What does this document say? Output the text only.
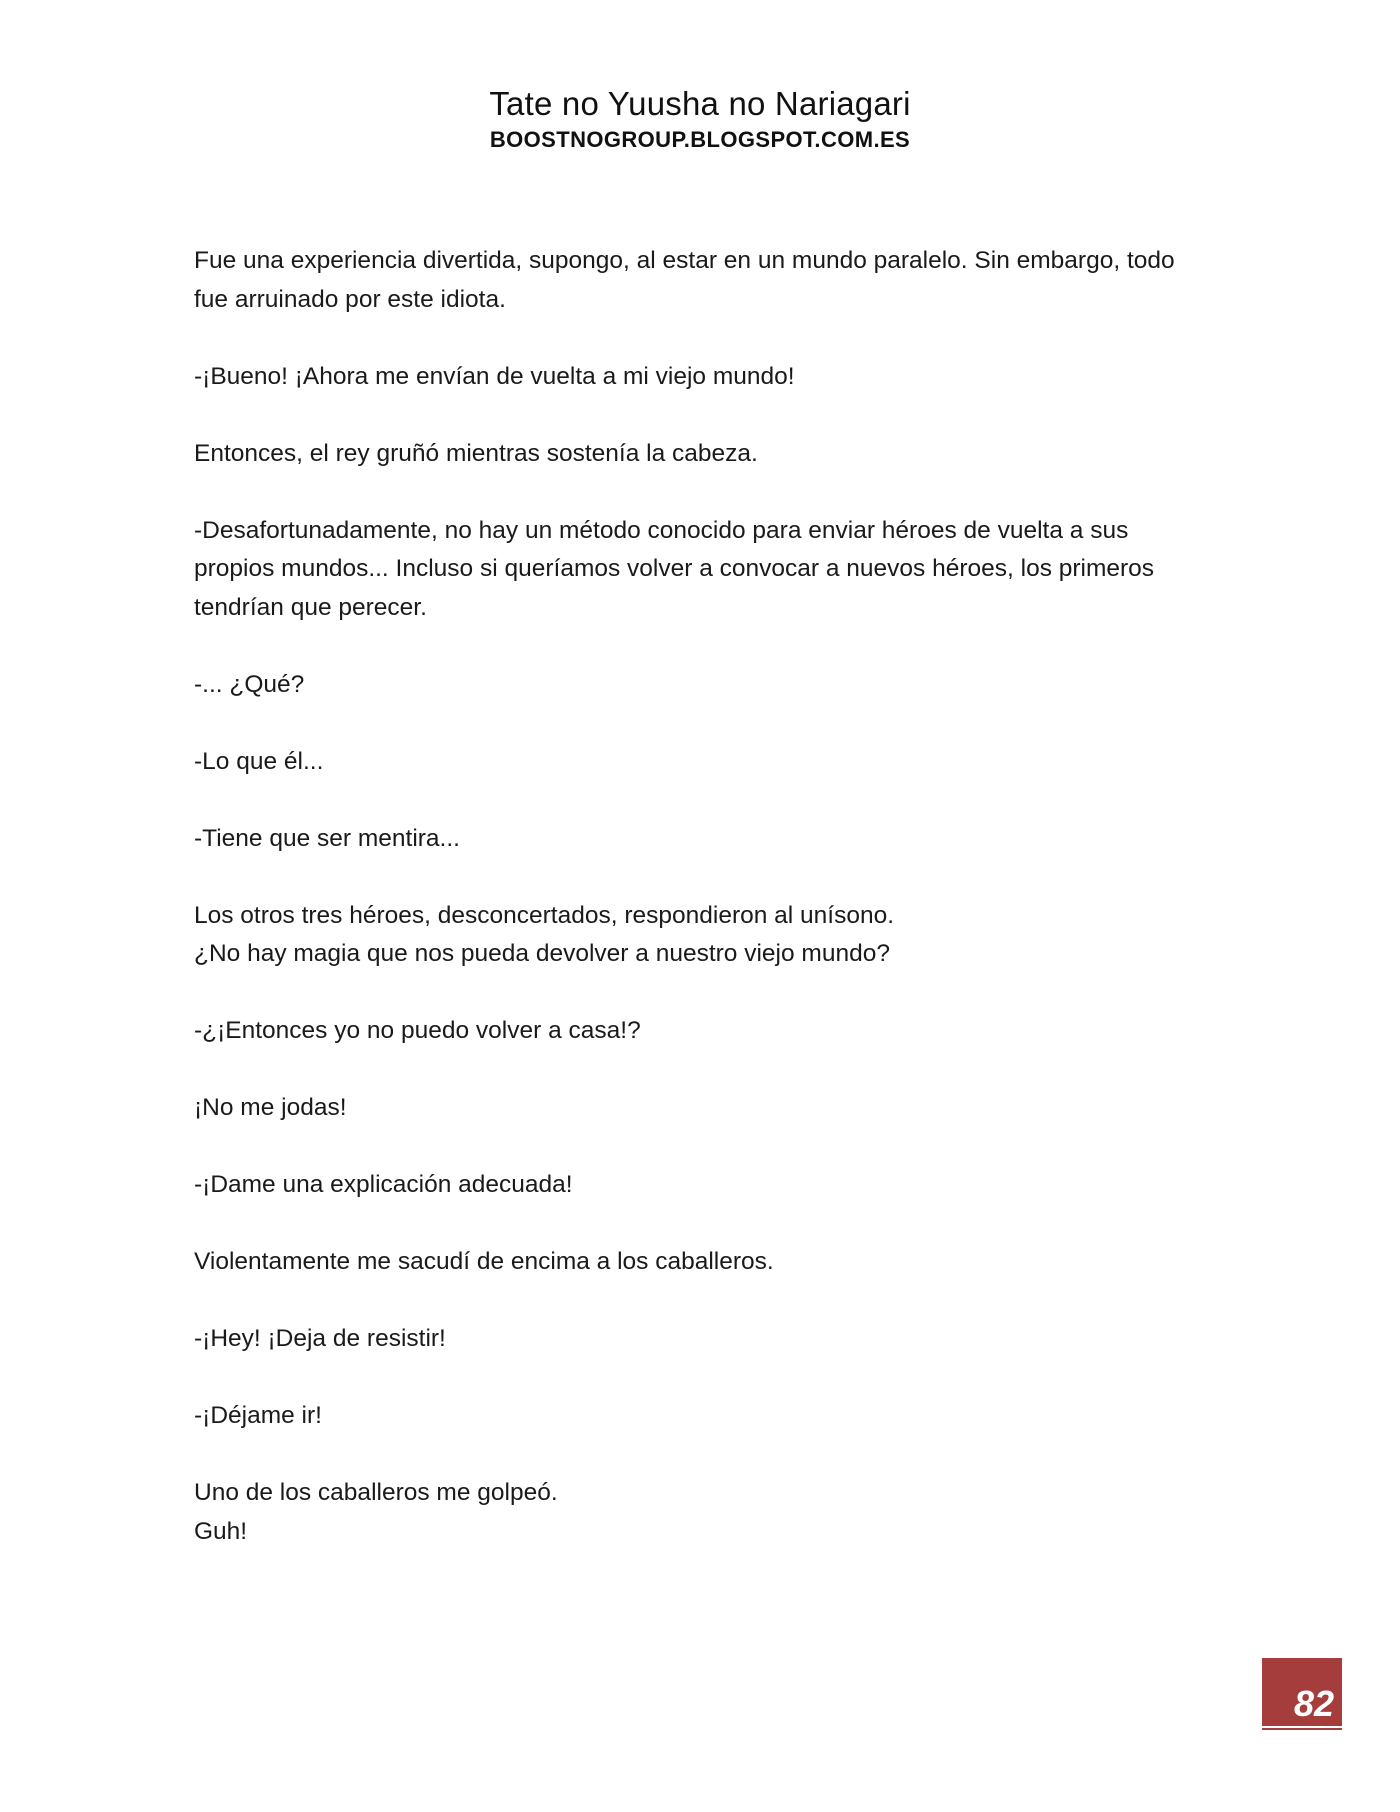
Tate no Yuusha no Nariagari
BOOSTNOGROUP.BLOGSPOT.COM.ES

Fue una experiencia divertida, supongo, al estar en un mundo paralelo. Sin embargo, todo
fue arruinado por este idiota.

-¡Bueno! ¡Ahora me envían de vuelta a mi viejo mundo!

Entonces, el rey gruñó mientras sostenía la cabeza.

-Desafortunadamente, no hay un método conocido para enviar héroes de vuelta a sus
propios mundos... Incluso si queríamos volver a convocar a nuevos héroes, los primeros
tendrían que perecer.

-... ¿Qué?

-Lo que él...

-Tiene que ser mentira...

Los otros tres héroes, desconcertados, respondieron al unísono.
¿No hay magia que nos pueda devolver a nuestro viejo mundo?

-¿¡Entonces yo no puedo volver a casa!?

¡No me jodas!

-¡Dame una explicación adecuada!

Violentamente me sacudí de encima a los caballeros.

-¡Hey! ¡Deja de resistir!

-¡Déjame ir!

Uno de los caballeros me golpeó.
Guh!

82
